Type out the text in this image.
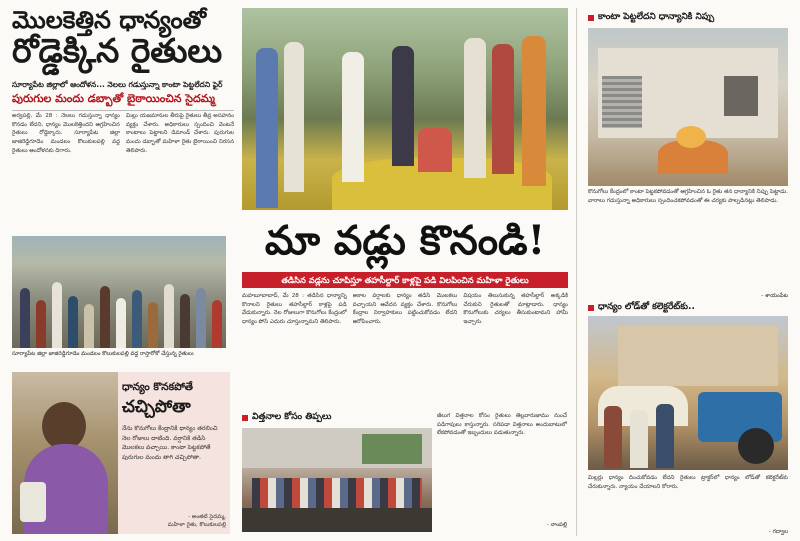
మొలకెత్తిన ధాన్యంతో
రోడ్డెక్కిన రైతులు
సూర్యాపేట జిల్లాలో ఆందోళన... నెలలు గడుస్తున్నా కాంటా పెట్టలేదని ఫైర్
పురుగుల మందు డబ్బాతో బైఠాయించిన సైదమ్మ
అర్వపల్లి, మే 28 : నెలలు గడుస్తున్నా ధాన్యం కొనడం లేదని, ధాన్యం మొలకెత్తిందని ఆగ్రహించిన రైతులు రోడ్డెక్కారు. సూర్యాపేట జిల్లా జాజిరెడ్డిగూడెం మండలం కొలుకులపల్లి వద్ద రైతులు ఆందోళనకు దిగారు.
మిల్లు యజమానుల తీరుపై రైతులు తీవ్ర అసహనం వ్యక్తం చేశారు. అధికారులు స్పందించి వెంటనే కాంటాలు పెట్టాలని డిమాండ్ చేశారు. పురుగుల మందు డబ్బాతో మహిళా రైతు బైఠాయించి నిరసన తెలిపారు.
సూర్యాపేట జిల్లా జాజిరెడ్డిగూడెం మండలం కొలుకులపల్లి వద్ద రాస్తారోకో చేస్తున్న రైతులు
ధాన్యం కొనకపోతే
చచ్చిపోతా
నేను కొనుగోలు కేంద్రానికి ధాన్యం తరలించి నెల రోజులు దాటింది. వర్షానికి తడిసి మొలకలు వచ్చాయి. కాంటా పెట్టకపోతే పురుగుల మందు తాగి చచ్చిపోతా.
- అంతటి సైదమ్మ,
మహిళా రైతు, కొలుకులపల్లి
మా వడ్లు కొనండి!
తడిసిన వడ్లను చూపిస్తూ తహసీల్దార్ కాళ్లపై పడి విలపించిన మహిళా రైతులు
మహబూబాబాద్, మే 28 : తడిసిన ధాన్యాన్ని కొనాలని రైతులు తహసీల్దార్ కాళ్లపై పడి వేడుకున్నారు. నెల రోజులుగా కొనుగోలు కేంద్రంలో ధాన్యం పోసి ఎదురు చూస్తున్నామని తెలిపారు.
అకాల వర్షాలకు ధాన్యం తడిసి మొలకలు వచ్చాయని ఆవేదన వ్యక్తం చేశారు. కొనుగోలు కేంద్రాల నిర్వాహకులు పట్టించుకోవడం లేదని ఆరోపించారు.
విషయం తెలుసుకున్న తహసీల్దార్ అక్కడికి చేరుకుని రైతులతో మాట్లాడారు. ధాన్యం కొనుగోలుకు చర్యలు తీసుకుంటామని హామీ ఇచ్చారు.
విత్తనాల కోసం తిప్పలు	జీలుగ విత్తనాల కోసం రైతులు తెల్లవారుజాము నుంచే పడిగాపులు కాస్తున్నారు. సరిపడా విత్తనాలు అందుబాటులో లేకపోవడంతో ఇబ్బందులు పడుతున్నారు.
- నాంపల్లి
కాంటా పెట్టలేదని ధాన్యానికి నిప్పు
కొనుగోలు కేంద్రంలో కాంటా పెట్టకపోవడంతో ఆగ్రహించిన ఓ రైతు తన ధాన్యానికి నిప్పు పెట్టాడు. వారాలు గడుస్తున్నా అధికారులు స్పందించకపోవడంతో ఈ చర్యకు పాల్పడినట్లు తెలిపాడు.
- శాయంపేట
ధాన్యం లోడ్‌తో కలెక్టరేట్‌కు..
మిల్లర్లు ధాన్యం దించుకోవడం లేదని రైతులు ట్రాక్టర్‌లో ధాన్యం లోడ్‌తో కలెక్టరేట్‌కు చేరుకున్నారు. న్యాయం చేయాలని కోరారు.
- గద్వాల
